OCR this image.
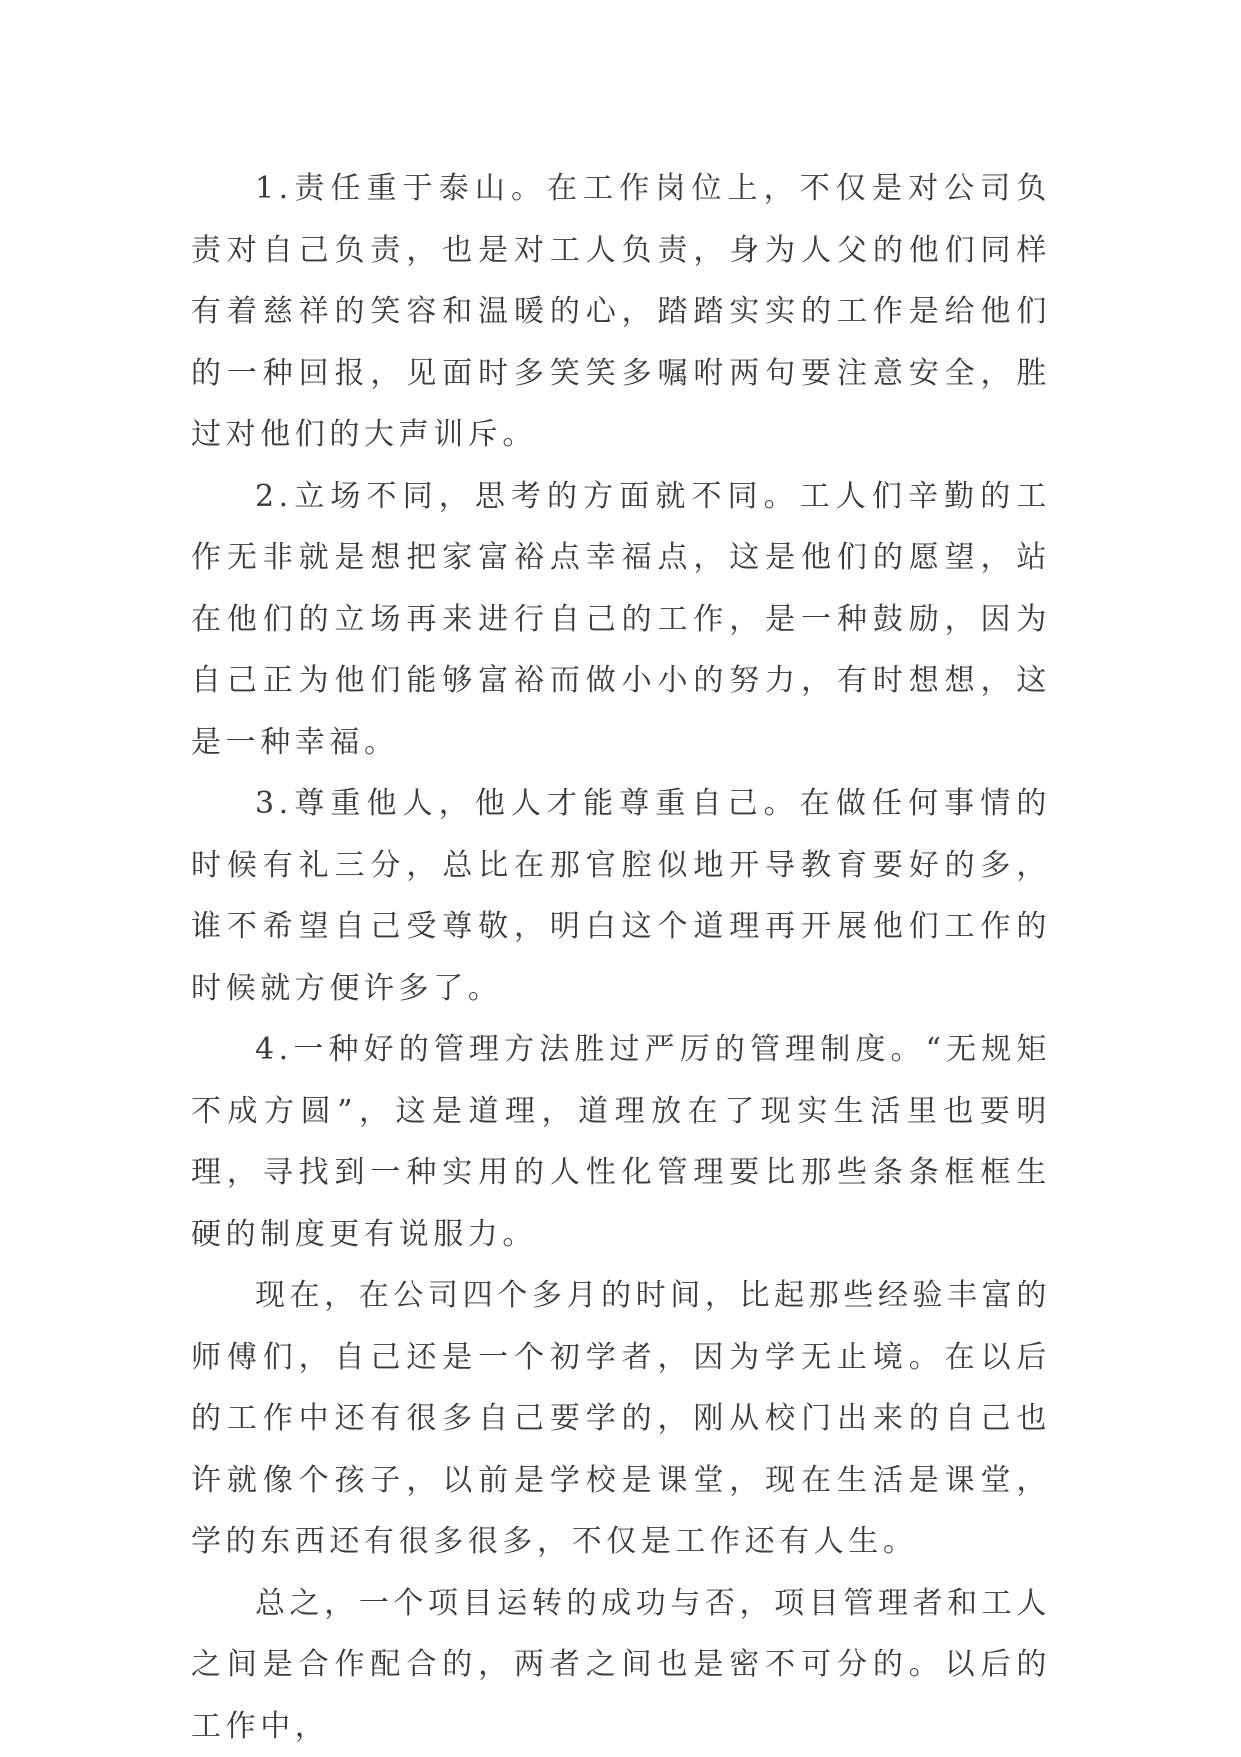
1.责任重于泰山。在工作岗位上，不仅是对公司负责对自己负责，也是对工人负责，身为人父的他们同样有着慈祥的笑容和温暖的心，踏踏实实的工作是给他们的一种回报，见面时多笑笑多嘱咐两句要注意安全，胜过对他们的大声训斥。

2.立场不同，思考的方面就不同。工人们辛勤的工作无非就是想把家富裕点幸福点，这是他们的愿望，站在他们的立场再来进行自己的工作，是一种鼓励，因为自己正为他们能够富裕而做小小的努力，有时想想，这是一种幸福。

3.尊重他人，他人才能尊重自己。在做任何事情的时候有礼三分，总比在那官腔似地开导教育要好的多，谁不希望自己受尊敬，明白这个道理再开展他们工作的时候就方便许多了。

4.一种好的管理方法胜过严厉的管理制度。“无规矩不成方圆”，这是道理，道理放在了现实生活里也要明理，寻找到一种实用的人性化管理要比那些条条框框生硬的制度更有说服力。

现在，在公司四个多月的时间，比起那些经验丰富的师傅们，自己还是一个初学者，因为学无止境。在以后的工作中还有很多自己要学的，刚从校门出来的自己也许就像个孩子，以前是学校是课堂，现在生活是课堂，学的东西还有很多很多，不仅是工作还有人生。

总之，一个项目运转的成功与否，项目管理者和工人之间是合作配合的，两者之间也是密不可分的。以后的工作中，
